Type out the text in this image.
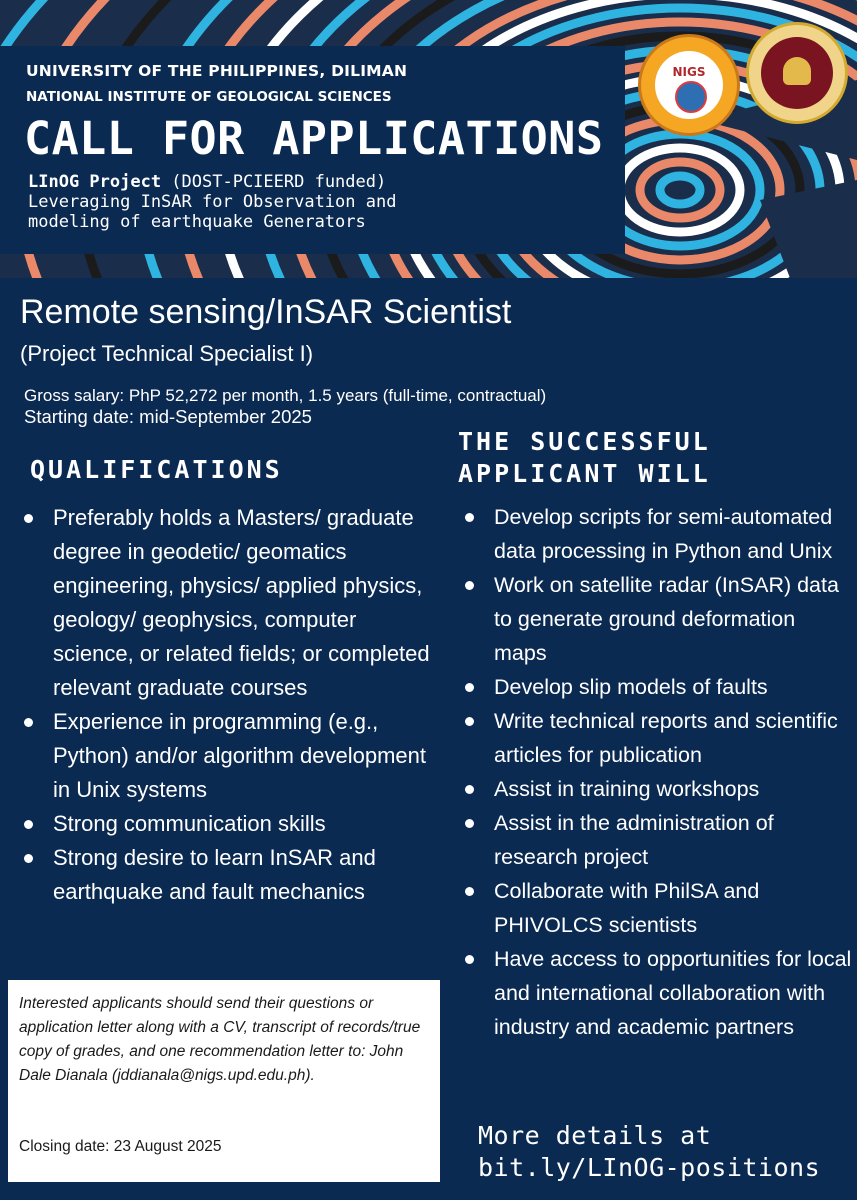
UNIVERSITY OF THE PHILIPPINES, DILIMAN
NATIONAL INSTITUTE OF GEOLOGICAL SCIENCES
CALL FOR APPLICATIONS
LInOG Project (DOST-PCIEERD funded)
Leveraging InSAR for Observation and
modeling of earthquake Generators
NIGS
Remote sensing/InSAR Scientist
(Project Technical Specialist I)
Gross salary: PhP 52,272 per month, 1.5 years (full-time, contractual)
Starting date: mid-September 2025
QUALIFICATIONS
Preferably holds a Masters/ graduate degree in geodetic/ geomatics engineering, physics/ applied physics, geology/ geophysics, computer science, or related fields; or completed relevant graduate courses
Experience in programming (e.g., Python) and/or algorithm development in Unix systems
Strong communication skills
Strong desire to learn InSAR and earthquake and fault mechanics
THE SUCCESSFUL
APPLICANT WILL
Develop scripts for semi-automated data processing in Python and Unix
Work on satellite radar (InSAR) data to generate ground deformation maps
Develop slip models of faults
Write technical reports and scientific articles for publication
Assist in training workshops
Assist in the administration of research project
Collaborate with PhilSA and PHIVOLCS scientists
Have access to opportunities for local and international collaboration with industry and academic partners
Interested applicants should send their questions or application letter along with a CV, transcript of records/true copy of grades, and one recommendation letter to: John Dale Dianala (jddianala@nigs.upd.edu.ph).
Closing date: 23 August 2025	More details at
bit.ly/LInOG-positions
